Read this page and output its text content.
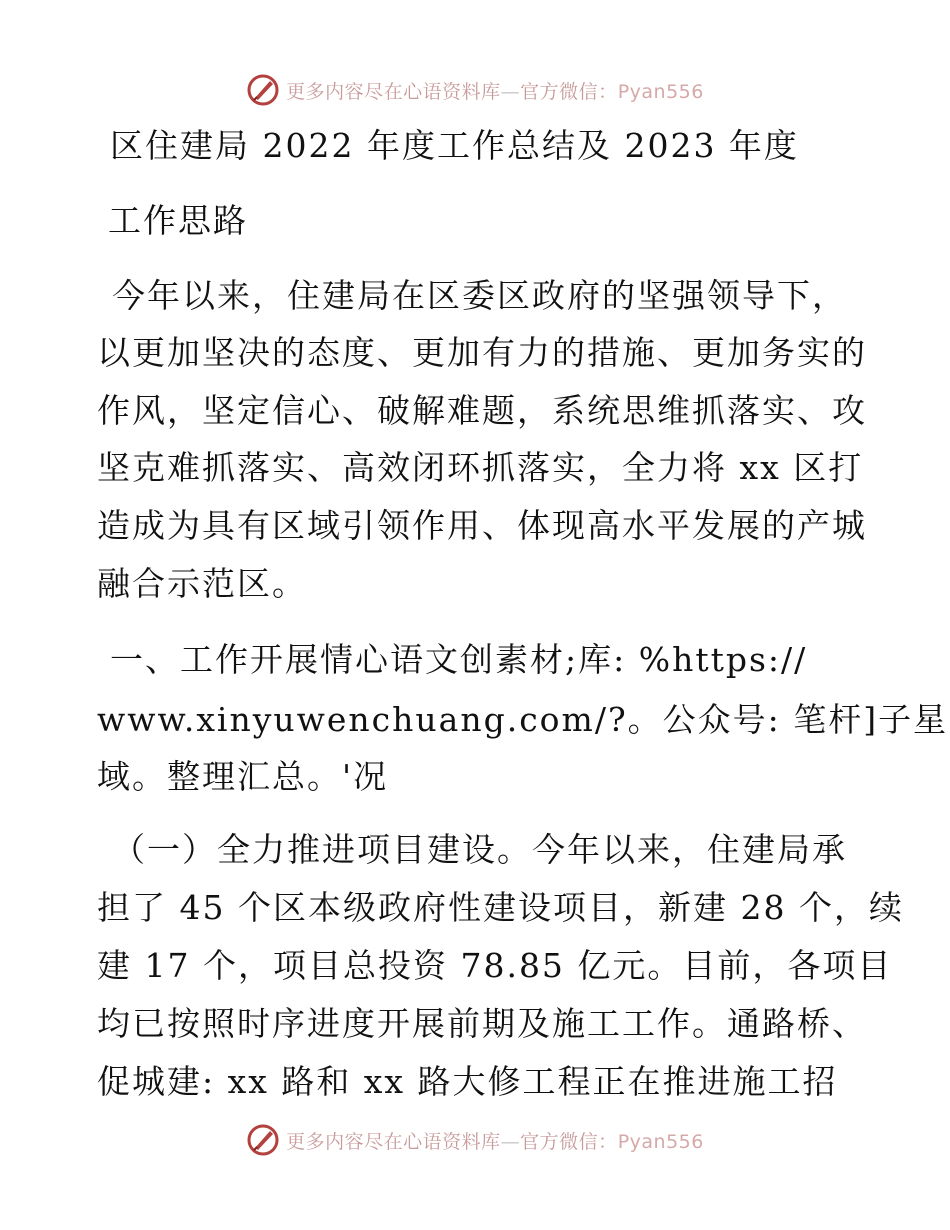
更多内容尽在心语资料库—官方微信：Pyan556
区住建局 2022 年度工作总结及 2023 年度
工作思路
今年以来，住建局在区委区政府的坚强领导下，
以更加坚决的态度、更加有力的措施、更加务实的
作风，坚定信心、破解难题，系统思维抓落实、攻
坚克难抓落实、高效闭环抓落实，全力将 xx 区打
造成为具有区域引领作用、体现高水平发展的产城
融合示范区。
一、工作开展情心语文创素材;库: %https://
www.xinyuwenchuang.com/?。公众号: 笔杆]子星
域。整理汇总。'况
（一）全力推进项目建设。今年以来，住建局承
担了 45 个区本级政府性建设项目，新建 28 个，续
建 17 个，项目总投资 78.85 亿元。目前，各项目
均已按照时序进度开展前期及施工工作。通路桥、
促城建: xx 路和 xx 路大修工程正在推进施工招
更多内容尽在心语资料库—官方微信：Pyan556
